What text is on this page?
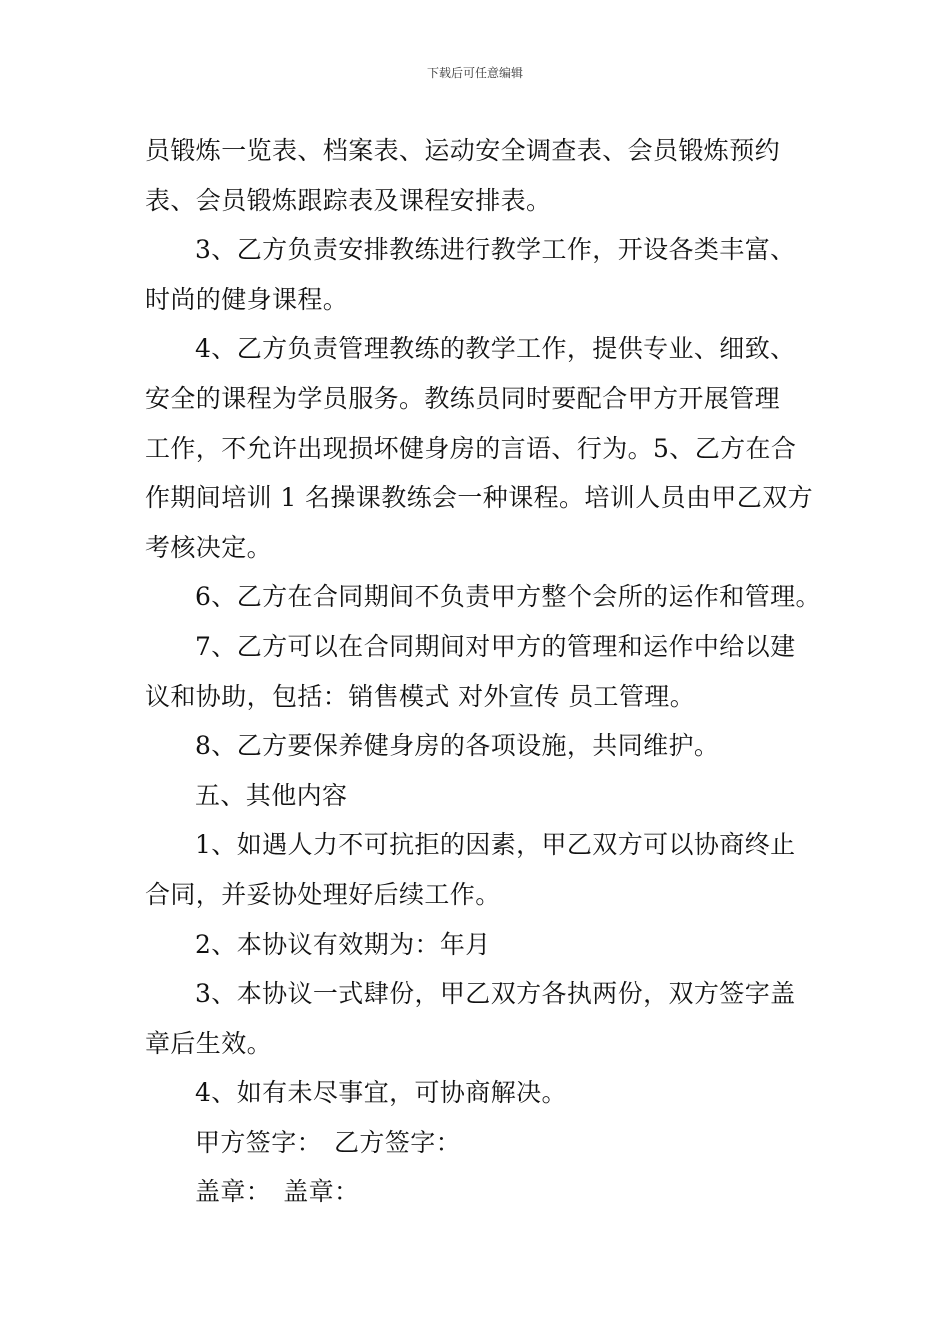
下载后可任意编辑

员锻炼一览表、档案表、运动安全调查表、会员锻炼预约

表、会员锻炼跟踪表及课程安排表。

3、乙方负责安排教练进行教学工作，开设各类丰富、

时尚的健身课程。

4、乙方负责管理教练的教学工作，提供专业、细致、

安全的课程为学员服务。教练员同时要配合甲方开展管理

工作，不允许出现损坏健身房的言语、行为。5、乙方在合

作期间培训 1 名操课教练会一种课程。培训人员由甲乙双方

考核决定。

6、乙方在合同期间不负责甲方整个会所的运作和管理。

7、乙方可以在合同期间对甲方的管理和运作中给以建

议和协助，包括：销售模式 对外宣传 员工管理。

8、乙方要保养健身房的各项设施，共同维护。

五、其他内容

1、如遇人力不可抗拒的因素，甲乙双方可以协商终止

合同，并妥协处理好后续工作。

2、本协议有效期为：年月

3、本协议一式肆份，甲乙双方各执两份，双方签字盖

章后生效。

4、如有未尽事宜，可协商解决。

甲方签字： 乙方签字：

盖章： 盖章：
